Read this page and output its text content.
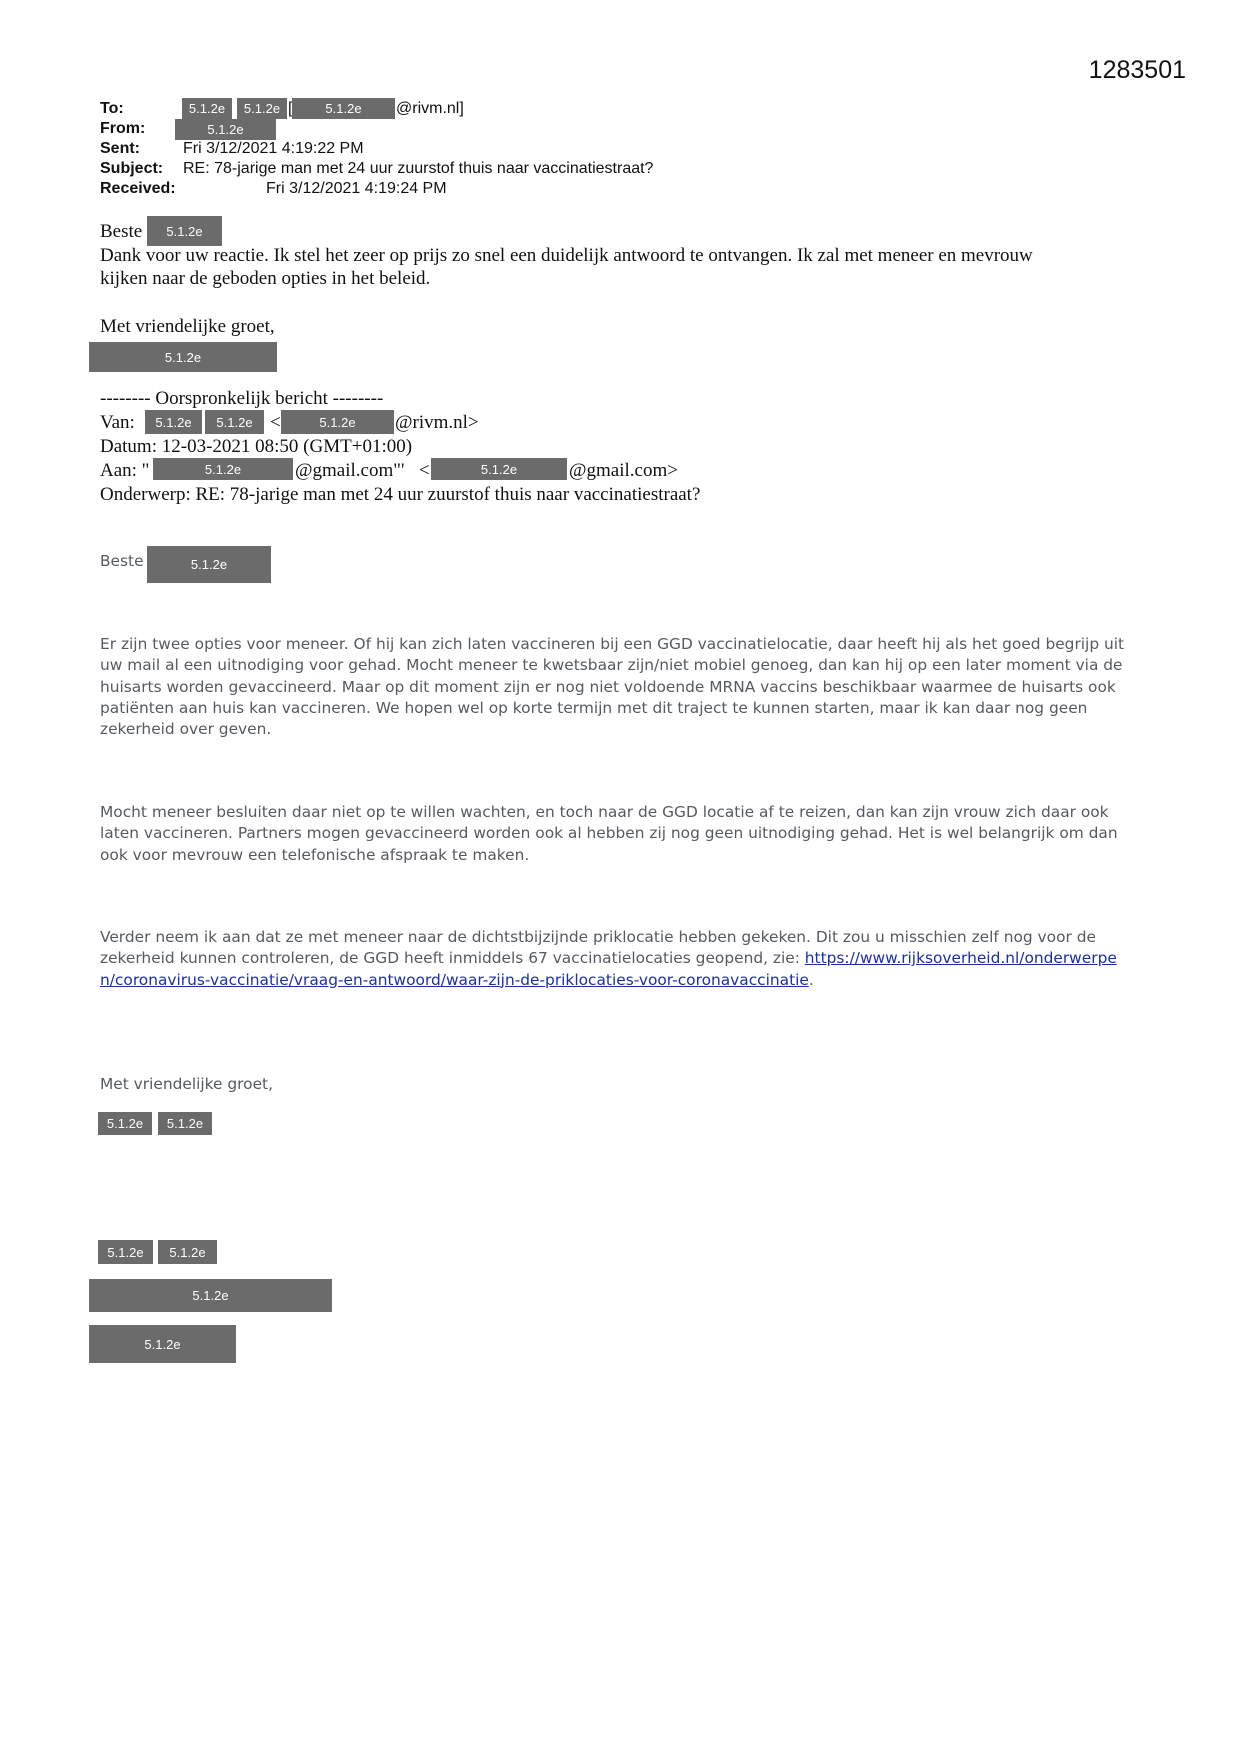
1283501
To:	5.1.2e	5.1.2e [	5.1.2e	@rivm.nl]
From:	5.1.2e
Sent:	Fri 3/12/2021 4:19:22 PM
Subject: RE: 78-jarige man met 24 uur zuurstof thuis naar vaccinatiestraat?
Received:	Fri 3/12/2021 4:19:24 PM
Beste	5.1.2e
Dank voor uw reactie. Ik stel het zeer op prijs zo snel een duidelijk antwoord te ontvangen. Ik zal met meneer en mevrouw
kijken naar de geboden opties in het beleid.
Met vriendelijke groet,
5.1.2e
-------- Oorspronkelijk bericht --------
Van:	5.1.2e	5.1.2e <	5.1.2e	@rivm.nl>
Datum: 12-03-2021 08:50 (GMT+01:00)
Aan: "	5.1.2e	@gmail.com"' <	5.1.2e	@gmail.com>
Onderwerp: RE: 78-jarige man met 24 uur zuurstof thuis naar vaccinatiestraat?
Beste	5.1.2e
Er zijn twee opties voor meneer. Of hij kan zich laten vaccineren bij een GGD vaccinatielocatie, daar heeft hij als het goed begrijp uit uw mail al een uitnodiging voor gehad. Mocht meneer te kwetsbaar zijn/niet mobiel genoeg, dan kan hij op een later moment via de huisarts worden gevaccineerd. Maar op dit moment zijn er nog niet voldoende MRNA vaccins beschikbaar waarmee de huisarts ook patiënten aan huis kan vaccineren. We hopen wel op korte termijn met dit traject te kunnen starten, maar ik kan daar nog geen zekerheid over geven.
Mocht meneer besluiten daar niet op te willen wachten, en toch naar de GGD locatie af te reizen, dan kan zijn vrouw zich daar ook laten vaccineren. Partners mogen gevaccineerd worden ook al hebben zij nog geen uitnodiging gehad. Het is wel belangrijk om dan ook voor mevrouw een telefonische afspraak te maken.
Verder neem ik aan dat ze met meneer naar de dichtstbijzijnde priklocatie hebben gekeken. Dit zou u misschien zelf nog voor de zekerheid kunnen controleren, de GGD heeft inmiddels 67 vaccinatielocaties geopend, zie: https://www.rijksoverheid.nl/onderwerpen/coronavirus-vaccinatie/vraag-en-antwoord/waar-zijn-de-priklocaties-voor-coronavaccinatie.
Met vriendelijke groet,
5.1.2e	5.1.2e
5.1.2e	5.1.2e
5.1.2e
5.1.2e
